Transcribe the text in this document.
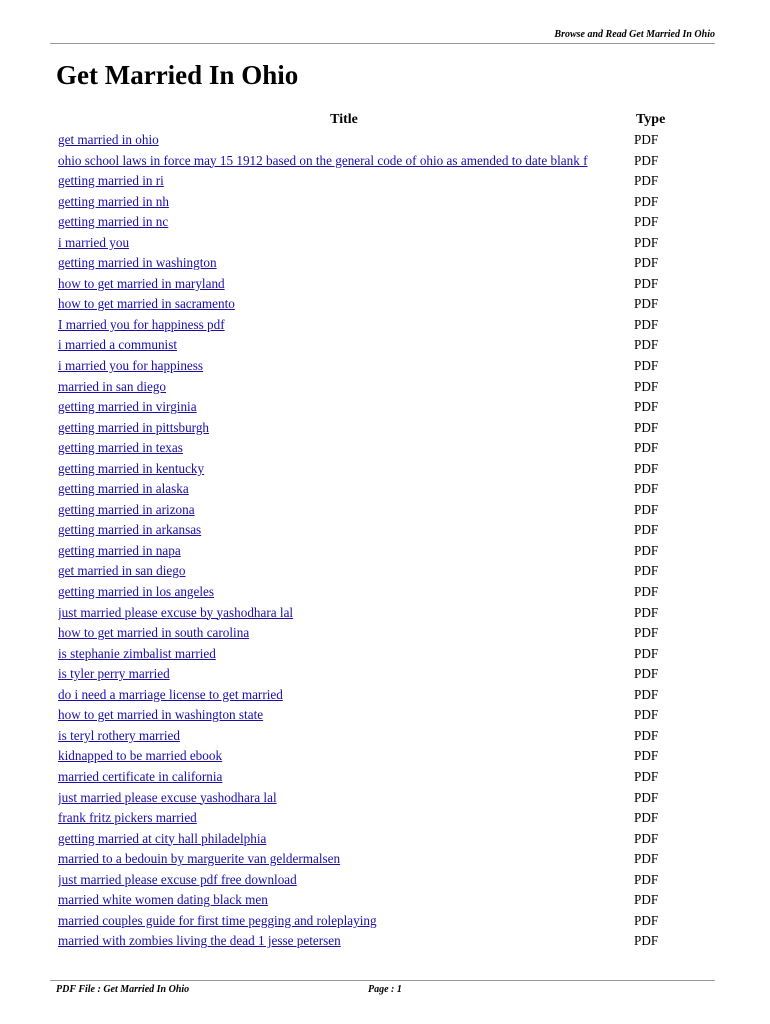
Browse and Read Get Married In Ohio
Get Married In Ohio
Title	Type
get married in ohio	PDF
ohio school laws in force may 15 1912 based on the general code of ohio as amended to date blank f	PDF
getting married in ri	PDF
getting married in nh	PDF
getting married in nc	PDF
i married you	PDF
getting married in washington	PDF
how to get married in maryland	PDF
how to get married in sacramento	PDF
I married you for happiness pdf	PDF
i married a communist	PDF
i married you for happiness	PDF
married in san diego	PDF
getting married in virginia	PDF
getting married in pittsburgh	PDF
getting married in texas	PDF
getting married in kentucky	PDF
getting married in alaska	PDF
getting married in arizona	PDF
getting married in arkansas	PDF
getting married in napa	PDF
get married in san diego	PDF
getting married in los angeles	PDF
just married please excuse by yashodhara lal	PDF
how to get married in south carolina	PDF
is stephanie zimbalist married	PDF
is tyler perry married	PDF
do i need a marriage license to get married	PDF
how to get married in washington state	PDF
is teryl rothery married	PDF
kidnapped to be married ebook	PDF
married certificate in california	PDF
just married please excuse yashodhara lal	PDF
frank fritz pickers married	PDF
getting married at city hall philadelphia	PDF
married to a bedouin by marguerite van geldermalsen	PDF
just married please excuse pdf free download	PDF
married white women dating black men	PDF
married couples guide for first time pegging and roleplaying	PDF
married with zombies living the dead 1 jesse petersen	PDF
PDF File : Get Married In Ohio	Page : 1
